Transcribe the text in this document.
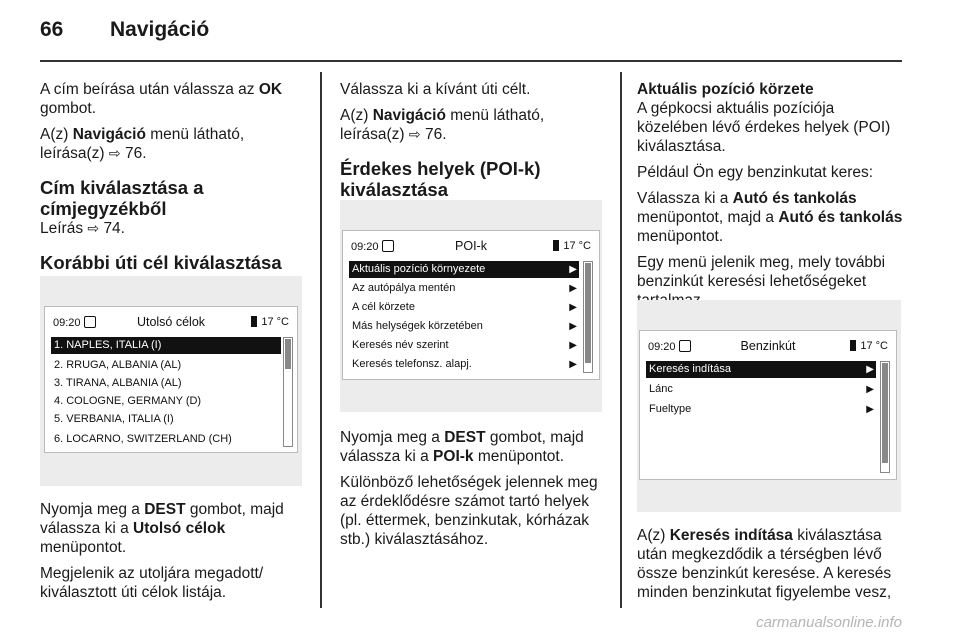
66 Navigáció

A cím beírása után válassza az OK gombot.

A(z) Navigáció menü látható, leírása(z) ⇨ 76.

Cím kiválasztása a címjegyzékből

Leírás ⇨ 74.

Korábbi úti cél kiválasztása
09:20	Utolsó célok	17 °C
1. NAPLES, ITALIA (I)
2. RRUGA, ALBANIA (AL)
3. TIRANA, ALBANIA (AL)
4. COLOGNE, GERMANY (D)
5. VERBANIA, ITALIA (I)
6. LOCARNO, SWITZERLAND (CH)

Nyomja meg a DEST gombot, majd válassza ki a Utolsó célok menüpontot.

Megjelenik az utoljára megadott/ kiválasztott úti célok listája.

Válassza ki a kívánt úti célt.

A(z) Navigáció menü látható, leírása(z) ⇨ 76.

Érdekes helyek (POI-k) kiválasztása
09:20	POI-k	17 °C
Aktuális pozíció környezete	▶
Az autópálya mentén	▶
A cél körzete	▶
Más helységek körzetében	▶
Keresés név szerint	▶
Keresés telefonsz. alapj.	▶

Nyomja meg a DEST gombot, majd válassza ki a POI-k menüpontot.

Különböző lehetőségek jelennek meg az érdeklődésre számot tartó helyek (pl. éttermek, benzinkutak, kórházak stb.) kiválasztásához.

Aktuális pozíció körzete

A gépkocsi aktuális pozíciója közelében lévő érdekes helyek (POI) kiválasztása.

Például Ön egy benzinkutat keres:

Válassza ki a Autó és tankolás menüpontot, majd a Autó és tankolás menüpontot.

Egy menü jelenik meg, mely további benzinkút keresési lehetőségeket

09:20	Benzinkút	17 °C
Keresés indítása	▶
Lánc	▶
Fueltype	▶

A(z) Keresés indítása kiválasztása után megkezdődik a térségben lévő össze benzinkút keresése. A keresés minden benzinkutat figyelembe vesz,

carmanualsonline.info
